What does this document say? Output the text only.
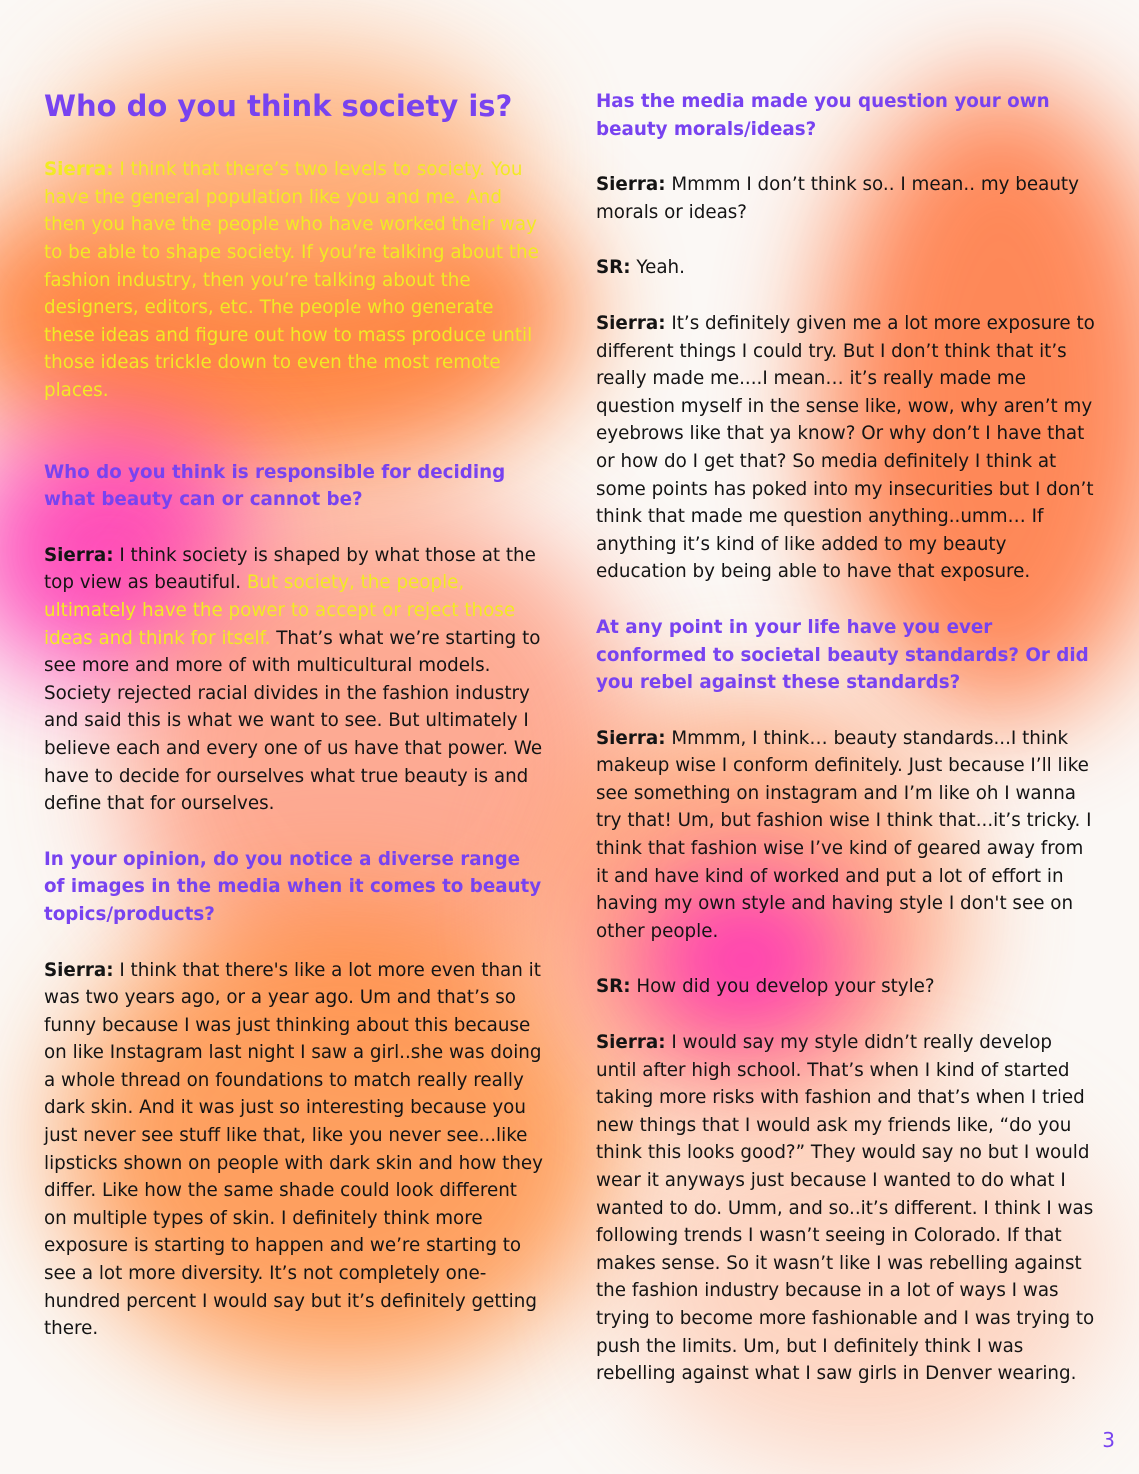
Who do you think society is?

Sierra: I think that there’s two levels to society. You have the general population like you and me. And then you have the people who have worked their way to be able to shape society. If you’re talking about the fashion industry, then you’re talking about the designers, editors, etc. The people who generate these ideas and figure out how to mass produce until those ideas trickle down to even the most remote places.

Who do you think is responsible for deciding what beauty can or cannot be?

Sierra: I think society is shaped by what those at the top view as beautiful. But society, the people, ultimately have the power to accept or reject those ideas and think for itself. That’s what we’re starting to see more and more of with multicultural models. Society rejected racial divides in the fashion industry and said this is what we want to see. But ultimately I believe each and every one of us have that power. We have to decide for ourselves what true beauty is and define that for ourselves.

In your opinion, do you notice a diverse range of images in the media when it comes to beauty topics/products?

Sierra: I think that there's like a lot more even than it was two years ago, or a year ago. Um and that’s so funny because I was just thinking about this because on like Instagram last night I saw a girl..she was doing a whole thread on foundations to match really really dark skin. And it was just so interesting because you just never see stuff like that, like you never see...like lipsticks shown on people with dark skin and how they differ. Like how the same shade could look different on multiple types of skin. I definitely think more exposure is starting to happen and we’re starting to see a lot more diversity. It’s not completely one-hundred percent I would say but it’s definitely getting there.

Has the media made you question your own beauty morals/ideas?

Sierra: Mmmm I don’t think so.. I mean.. my beauty morals or ideas?

SR: Yeah.

Sierra: It’s definitely given me a lot more exposure to different things I could try. But I don’t think that it’s really made me....I mean… it’s really made me question myself in the sense like, wow, why aren’t my eyebrows like that ya know? Or why don’t I have that or how do I get that? So media definitely I think at some points has poked into my insecurities but I don’t think that made me question anything..umm… If anything it’s kind of like added to my beauty education by being able to have that exposure.

At any point in your life have you ever conformed to societal beauty standards? Or did you rebel against these standards?

Sierra: Mmmm, I think… beauty standards...I think makeup wise I conform definitely. Just because I’ll like see something on instagram and I’m like oh I wanna try that! Um, but fashion wise I think that...it’s tricky. I think that fashion wise I’ve kind of geared away from it and have kind of worked and put a lot of effort in having my own style and having style I don't see on other people.

SR: How did you develop your style?

Sierra: I would say my style didn’t really develop until after high school. That’s when I kind of started taking more risks with fashion and that’s when I tried new things that I would ask my friends like, “do you think this looks good?” They would say no but I would wear it anyways just because I wanted to do what I wanted to do. Umm, and so..it’s different. I think I was following trends I wasn’t seeing in Colorado. If that makes sense. So it wasn’t like I was rebelling against the fashion industry because in a lot of ways I was trying to become more fashionable and I was trying to push the limits. Um, but I definitely think I was rebelling against what I saw girls in Denver wearing.

3
